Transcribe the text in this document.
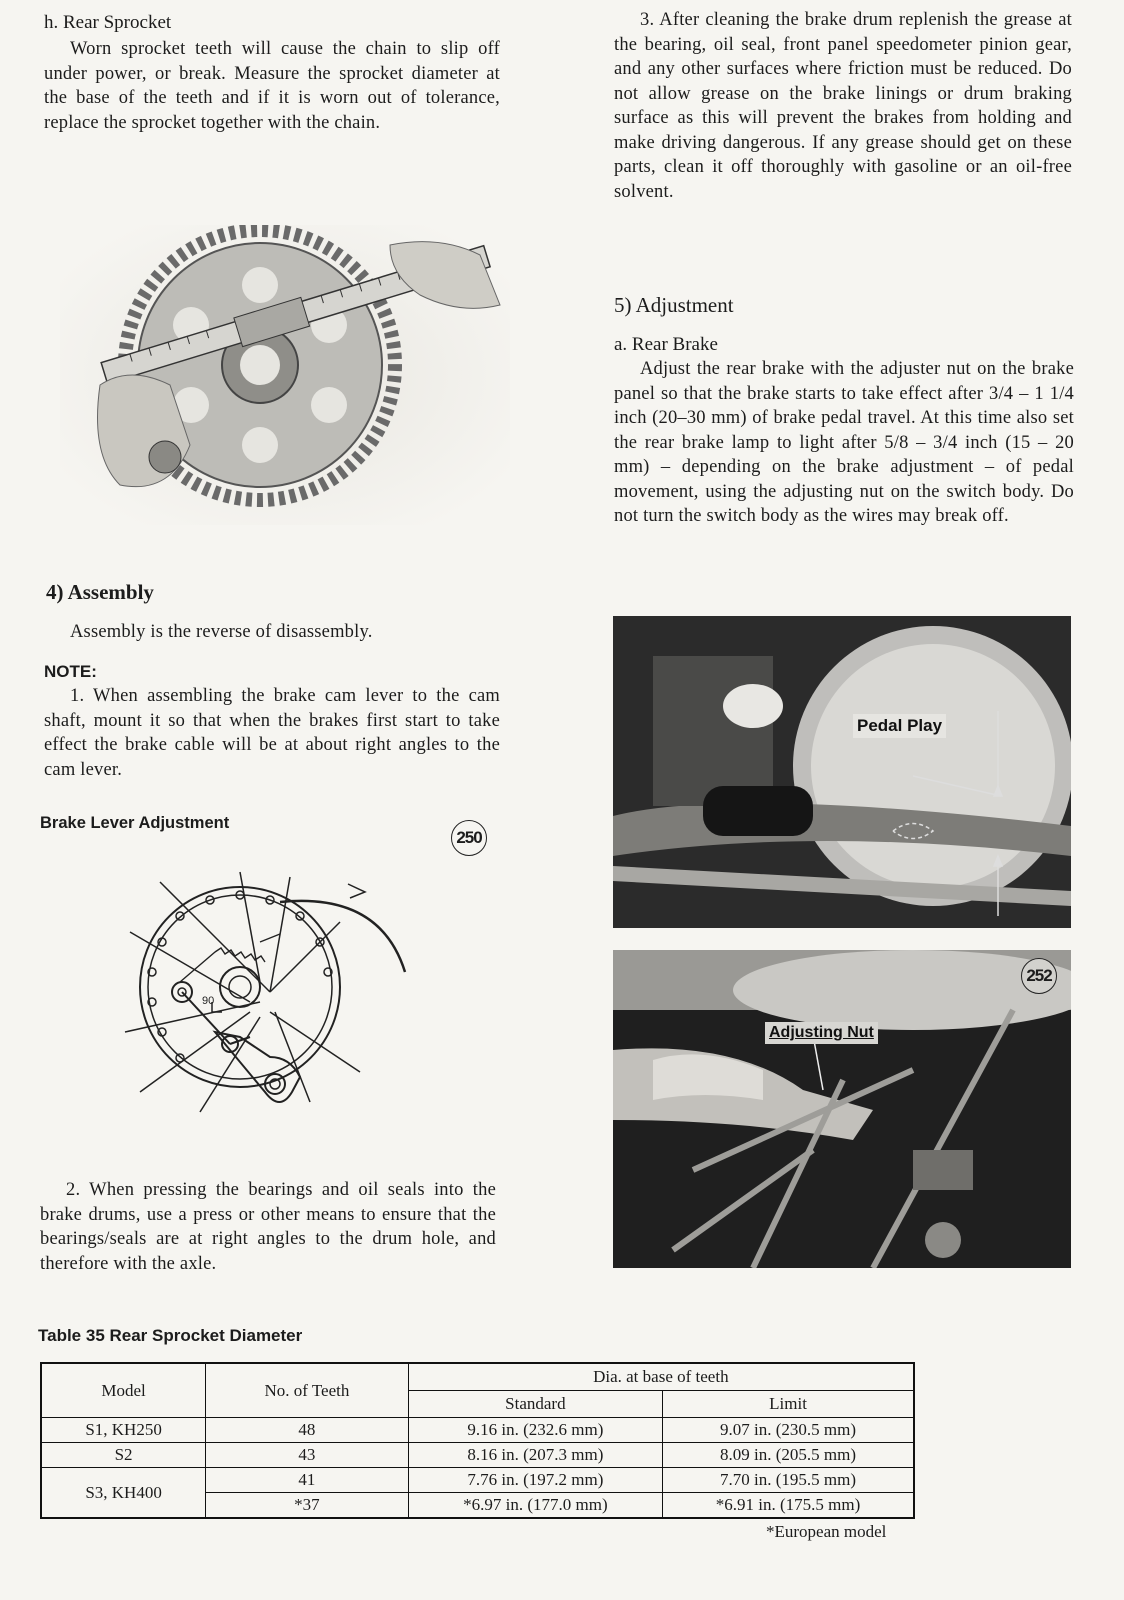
h. Rear Sprocket
Worn sprocket teeth will cause the chain to slip off under power, or break. Measure the sprocket diameter at the base of the teeth and if it is worn out of tolerance, replace the sprocket together with the chain.
4) Assembly
Assembly is the reverse of disassembly.
NOTE:
1. When assembling the brake cam lever to the cam shaft, mount it so that when the brakes first start to take effect the brake cable will be at about right angles to the cam lever.
Brake Lever Adjustment
250
90
2. When pressing the bearings and oil seals into the brake drums, use a press or other means to ensure that the bearings/seals are at right angles to the drum hole, and therefore with the axle.
3. After cleaning the brake drum replenish the grease at the bearing, oil seal, front panel speedometer pinion gear, and any other surfaces where friction must be reduced. Do not allow grease on the brake linings or drum braking surface as this will prevent the brakes from holding and make driving dangerous. If any grease should get on these parts, clean it off thoroughly with gasoline or an oil-free solvent.
5) Adjustment
a. Rear Brake
Adjust the rear brake with the adjuster nut on the brake panel so that the brake starts to take effect after 3/4 – 1 1/4 inch (20–30 mm) of brake pedal travel. At this time also set the rear brake lamp to light after 5/8 – 3/4 inch (15 – 20 mm) – depending on the brake adjustment – of pedal movement, using the adjusting nut on the switch body. Do not turn the switch body as the wires may break off.
Pedal Play
Adjusting Nut
252
Table 35 Rear Sprocket Diameter
Model	No. of Teeth	Dia. at base of teeth	
		Standard	Limit
S1, KH250	48	9.16 in. (232.6 mm)	9.07 in. (230.5 mm)
S2	43	8.16 in. (207.3 mm)	8.09 in. (205.5 mm)
S3, KH400	41	7.76 in. (197.2 mm)	7.70 in. (195.5 mm)
	*37	*6.97 in. (177.0 mm)	*6.91 in. (175.5 mm)
*European model
